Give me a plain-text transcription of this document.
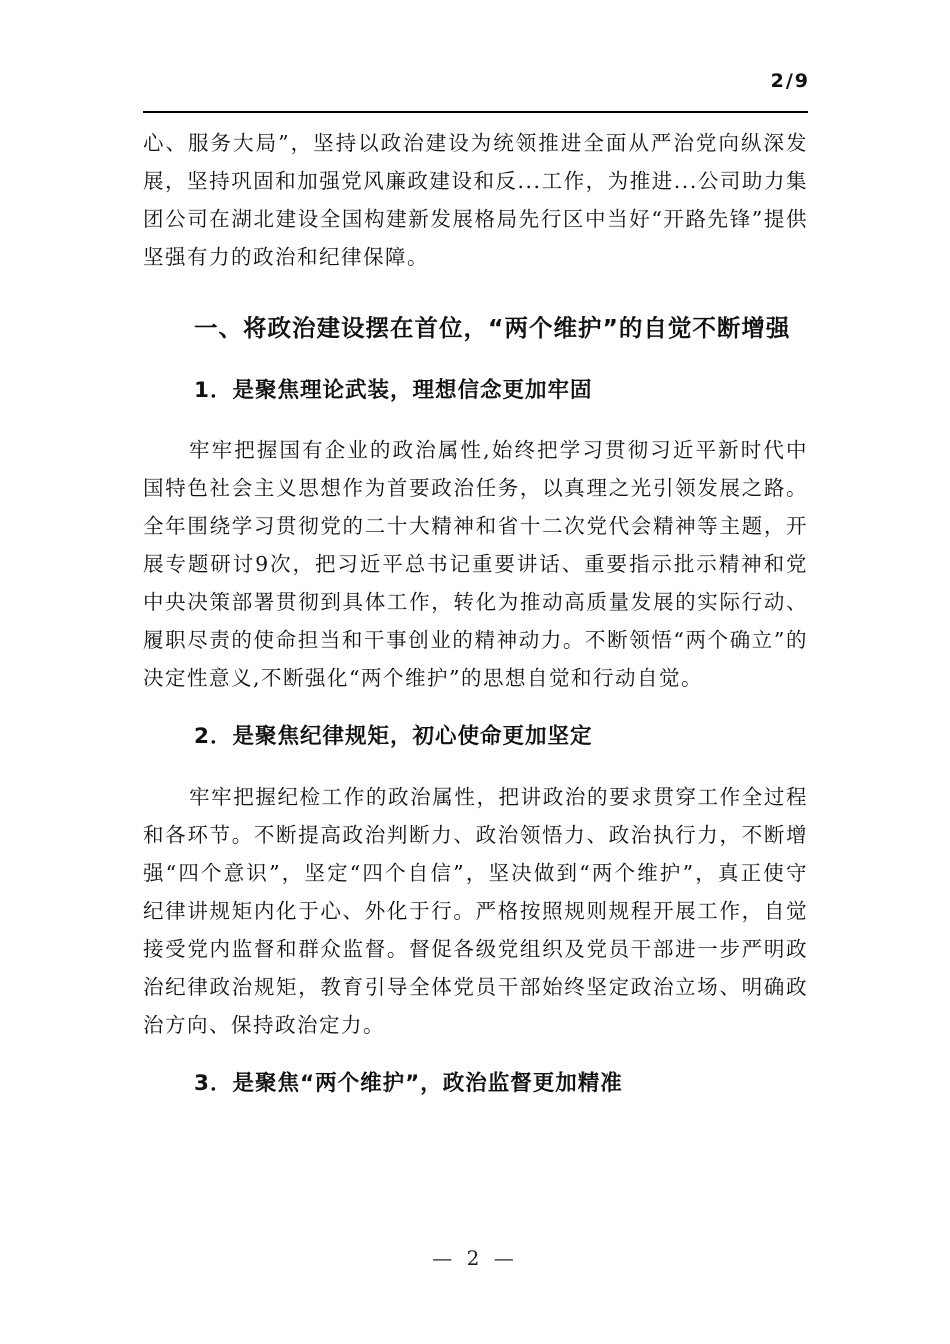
2/9

心、服务大局”，坚持以政治建设为统领推进全面从严治党向纵深发展，坚持巩固和加强党风廉政建设和反...工作，为推进...公司助力集团公司在湖北建设全国构建新发展格局先行区中当好“开路先锋”提供坚强有力的政治和纪律保障。

一、将政治建设摆在首位，“两个维护”的自觉不断增强
1．是聚焦理论武装，理想信念更加牢固

牢牢把握国有企业的政治属性,始终把学习贯彻习近平新时代中国特色社会主义思想作为首要政治任务，以真理之光引领发展之路。全年围绕学习贯彻党的二十大精神和省十二次党代会精神等主题，开展专题研讨9次，把习近平总书记重要讲话、重要指示批示精神和党中央决策部署贯彻到具体工作，转化为推动高质量发展的实际行动、履职尽责的使命担当和干事创业的精神动力。不断领悟“两个确立”的决定性意义,不断强化“两个维护”的思想自觉和行动自觉。

2．是聚焦纪律规矩，初心使命更加坚定

牢牢把握纪检工作的政治属性，把讲政治的要求贯穿工作全过程和各环节。不断提高政治判断力、政治领悟力、政治执行力，不断增强“四个意识”，坚定“四个自信”，坚决做到“两个维护”，真正使守纪律讲规矩内化于心、外化于行。严格按照规则规程开展工作，自觉接受党内监督和群众监督。督促各级党组织及党员干部进一步严明政治纪律政治规矩，教育引导全体党员干部始终坚定政治立场、明确政治方向、保持政治定力。

3．是聚焦“两个维护”，政治监督更加精准
— 2 —
